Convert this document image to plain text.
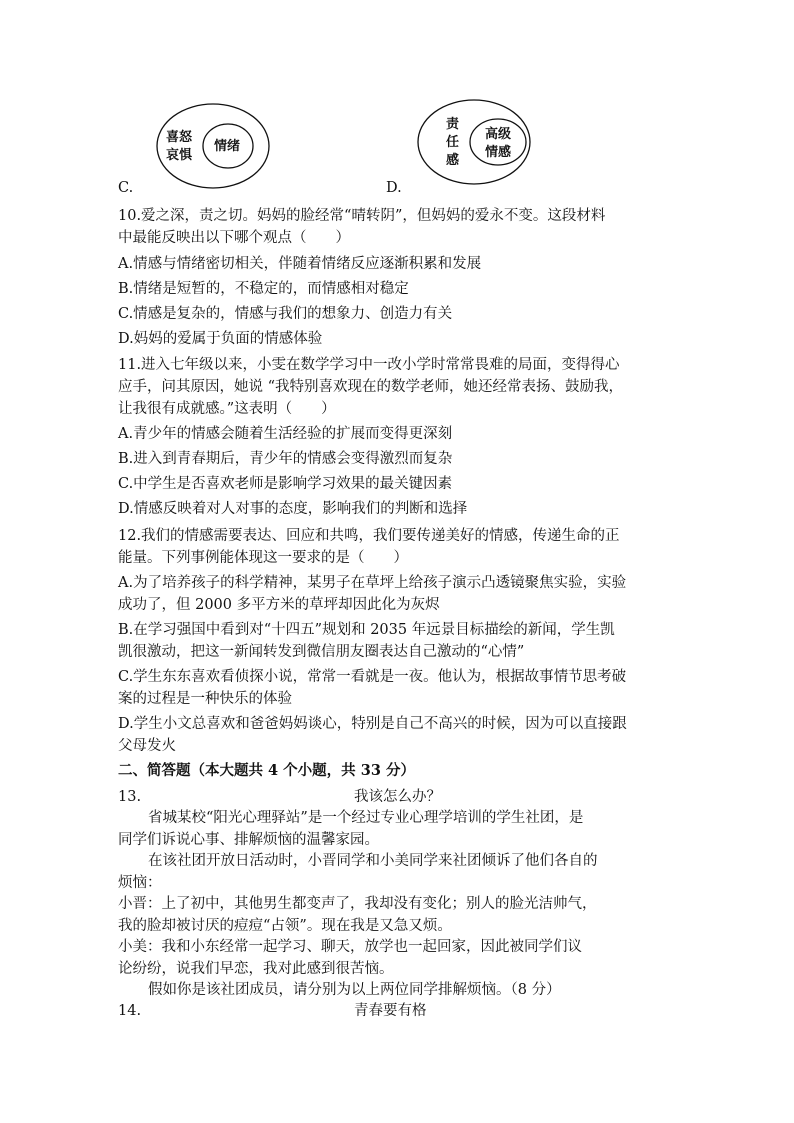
喜怒
哀惧
情绪
责
任
感
高级
情感
C.	D.
10.爱之深，责之切。妈妈的脸经常“晴转阴”，但妈妈的爱永不变。这段材料
中最能反映出以下哪个观点（　　）
A.情感与情绪密切相关，伴随着情绪反应逐渐积累和发展
B.情绪是短暂的，不稳定的，而情感相对稳定
C.情感是复杂的，情感与我们的想象力、创造力有关
D.妈妈的爱属于负面的情感体验
11.进入七年级以来，小雯在数学学习中一改小学时常常畏难的局面，变得得心
应手，问其原因，她说 “我特别喜欢现在的数学老师，她还经常表扬、鼓励我，
让我很有成就感。”这表明（　　）
A.青少年的情感会随着生活经验的扩展而变得更深刻
B.进入到青春期后，青少年的情感会变得激烈而复杂
C.中学生是否喜欢老师是影响学习效果的最关键因素
D.情感反映着对人对事的态度，影响我们的判断和选择
12.我们的情感需要表达、回应和共鸣，我们要传递美好的情感，传递生命的正
能量。下列事例能体现这一要求的是（　　）
A.为了培养孩子的科学精神，某男子在草坪上给孩子演示凸透镜聚焦实验，实验
成功了，但 2000 多平方米的草坪却因此化为灰烬
B.在学习强国中看到对“十四五”规划和 2035 年远景目标描绘的新闻，学生凯
凯很激动，把这一新闻转发到微信朋友圈表达自己激动的“心情”
C.学生东东喜欢看侦探小说，常常一看就是一夜。他认为，根据故事情节思考破
案的过程是一种快乐的体验
D.学生小文总喜欢和爸爸妈妈谈心，特别是自己不高兴的时候，因为可以直接跟
父母发火
二、简答题（本大题共 4 个小题，共 33 分）
13.	我该怎么办？
省城某校“阳光心理驿站”是一个经过专业心理学培训的学生社团，是
同学们诉说心事、排解烦恼的温馨家园。
在该社团开放日活动时，小晋同学和小美同学来社团倾诉了他们各自的
烦恼：
小晋：上了初中，其他男生都变声了，我却没有变化；别人的脸光洁帅气，
我的脸却被讨厌的痘痘“占领”。现在我是又急又烦。
小美：我和小东经常一起学习、聊天，放学也一起回家，因此被同学们议
论纷纷，说我们早恋，我对此感到很苦恼。
假如你是该社团成员，请分别为以上两位同学排解烦恼。（8 分）
14.	青春要有格
